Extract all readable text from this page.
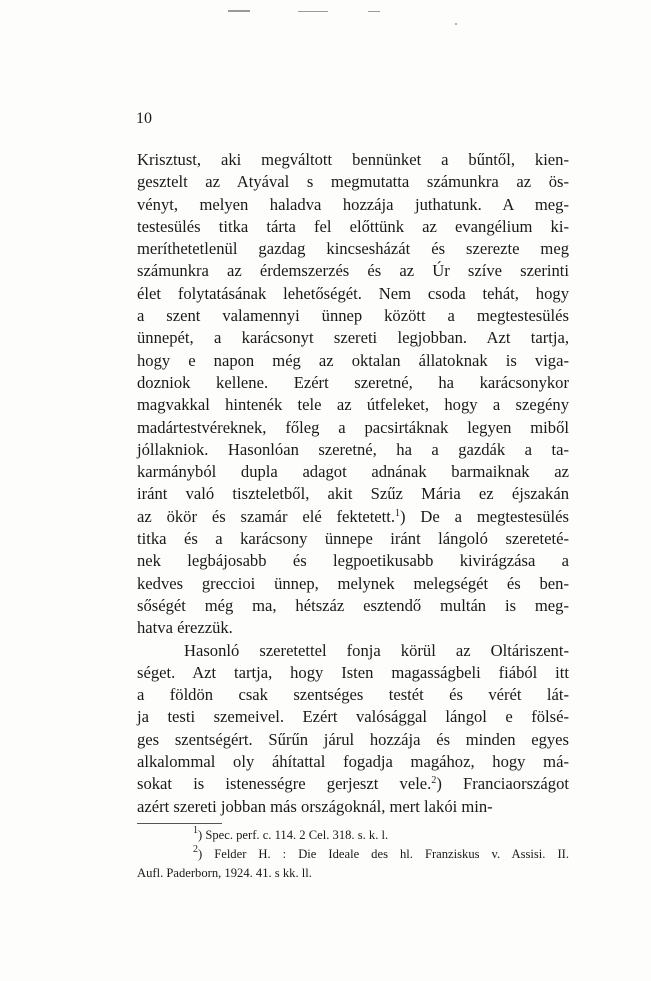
10
Krisztust, aki megváltott bennünket a bűntől, kien-
gesztelt az Atyával s megmutatta számunkra az ös-
vényt, melyen haladva hozzája juthatunk. A meg-
testesülés titka tárta fel előttünk az evangélium ki-
meríthetetlenül gazdag kincsesházát és szerezte meg
számunkra az érdemszerzés és az Úr szíve szerinti
élet folytatásának lehetőségét. Nem csoda tehát, hogy
a szent valamennyi ünnep között a megtestesülés
ünnepét, a karácsonyt szereti legjobban. Azt tartja,
hogy e napon még az oktalan állatoknak is viga-
dozniok kellene. Ezért szeretné, ha karácsonykor
magvakkal hintenék tele az útfeleket, hogy a szegény
madártestvéreknek, főleg a pacsirtáknak legyen miből
jóllakniok. Hasonlóan szeretné, ha a gazdák a ta-
karmányból dupla adagot adnának barmaiknak az
iránt való tiszteletből, akit Szűz Mária ez éjszakán
az ökör és szamár elé fektetett.$^1$) De a megtestesülés
titka és a karácsony ünnepe iránt lángoló szereteté-
nek legbájosabb és legpoetikusabb kivirágzása a
kedves greccioi ünnep, melynek melegségét és ben-
sőségét még ma, hétszáz esztendő multán is meg-
hatva érezzük.
Hasonló szeretettel fonja körül az Oltáriszent-
séget. Azt tartja, hogy Isten magasságbeli fiából itt
a földön csak szentséges testét és vérét lát-
ja testi szemeivel. Ezért valósággal lángol e fölsé-
ges szentségért. Sűrűn járul hozzája és minden egyes
alkalommal oly áhítattal fogadja magához, hogy má-
sokat is istenességre gerjeszt vele.$^2$) Franciaországot
azért szereti jobban más országoknál, mert lakói min-
$^1$) Spec. perf. c. 114. 2 Cel. 318. s. k. l.
$^2$) Felder H. : Die Ideale des hl. Franziskus v. Assisi. II.
Aufl. Paderborn, 1924. 41. s kk. ll.
